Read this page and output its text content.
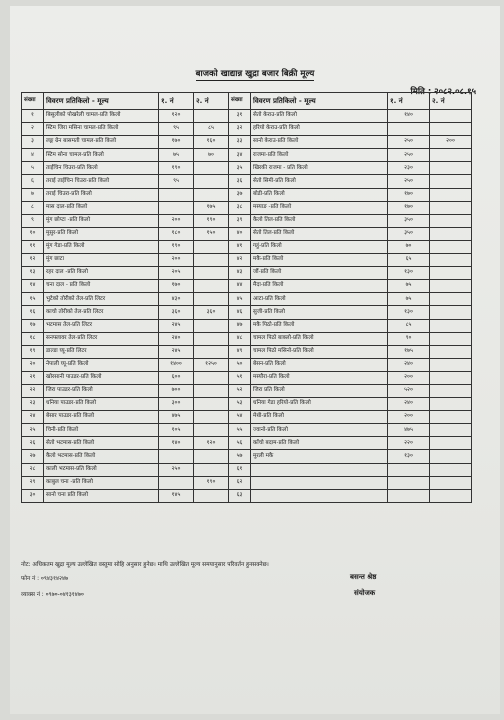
बाजको खाद्यान्न खुद्रा बजार बिक्री मूल्य
मिति : २०८२.०८.१५
संख्या	विवरण प्रतिकिलो - मूल्य	१. नं	२. नं	संख्या	विवरण प्रतिकिलो - मूल्य	१. नं	२. नं
१	बिसुलीको पोखरेली चामल-प्रति किलो	१२०		३१	सेतो केराउ-प्रति किलो	१४०	
२	स्टिम जिरा मसिना चामल-प्रति किलो	९५	८५	३२	हरियो केराउ-प्रति किलो		
३	लङ्ग ग्रेन बासमती चामल-प्रति किलो	१७०	१६०	३३	सानो केराउ-प्रति किलो	२५०	२००
४	स्टिम सोना चामल-प्रति किलो	७५	७०	३४	राजमा-प्रति किलो	२५०	
५	ताईचिन चिउरा-प्रति किलो	१९०		३५	खिरकी राजमा - प्रति किलो	२३०	
६	तराई ताईचिन चिउरा-प्रति किलो	९५		३६	सेतो सिमी-प्रति किलो	२५०	
७	तराई चिउरा-प्रति किलो			३७	बोडी-प्रति किलो	१७०	
८	मास दाल-प्रति किलो		१७५	३८	मस्याङ -प्रति किलो	१७०	
९	मुंग छोप्टा -प्रति किलो	२००	१९०	३९	कैलो तिल-प्रति किलो	३५०	
१०	मुसुर-प्रति किलो	१८०	१५०	४०	सेतो तिल-प्रति किलो	३५०	
११	मुंग गेडा-प्रति किलो	१९०		४१	गहुं-प्रति किलो	७०	
१२	मुंग छाटा	२००		४२	मकै-प्रति किलो	६५	
१३	रहर दाल -प्रति किलो	२०५		४३	जौं-प्रति किलो	१३०	
१४	चना दाल - प्रति किलो	१७०		४४	मैदा-प्रति किलो	७५	
१५	भुटेको तोरीको तेल-प्रति लिटर	४३०		४५	आटा-प्रति किलो	७५	
१६	काचो तोरीको तेल-प्रति लिटर	३६०	३६०	४६	सुजी-प्रति किलो	१३०	
१७	भटमास तेल-प्रति लिटर	२४५		४७	मकै पिठो-प्रति किलो	८५	
१८	सनफ्लावर तेल-प्रति लिटर	२४०		४८	चामल पिठो बाक्लो-प्रति किलो	९०	
१९	डाल्डा घ्यू-प्रति लिटर	२४५		४९	चामल पिठो मसिनो-प्रति किलो	१७५	
२०	नेपाली घ्यू-प्रति किलो	१४००	१२५०	५०	बेसन-प्रति किलो	२४०	
२१	खोरसानी पाउडर-प्रति किलो	६००		५१	मस्यौरा-प्रति किलो	२००	
२२	जिरा पाउडर-प्रति किलो	७००		५२	जिरा प्रति किलो	५२०	
२३	धनिया पाउडर-प्रति किलो	३००		५३	धनिया गेडा हरियो-प्रति किलो	२४०	
२४	बेसार पाउडर-प्रति किलो	४७५		५४	मेथी-प्रति किलो	२००	
२५	चिनी-प्रति किलो	१०५		५५	ज्वानो-प्रति किलो	४७५	
२६	सेतो भटमास-प्रति किलो	१४०	१२०	५६	काँचो बदाम-प्रति किलो	२२०	
२७	कैलो भटमास-प्रति किलो			५७	मुरली मकै	१३०	
२८	काली भटमास-प्रति किलो	२५०		६१			
२९	काबुल चना -प्रति किलो		१९०	६२			
३०	सानो चना प्रति किलो	१४५		६३			
नोट: अधिकतम खुद्रा मूल्य उल्लेखित वस्तुमा सोहि अनुसार हुनेछ। माथि उल्लेखित मूल्य समयानुसार परिवर्तन हुनसक्नेछ।
फोन नं : ०९४३१४२४७
व्याक्स नं : ०९७०-०४१३१४७०
बसन्त श्रेष्ठ
संयोजक
